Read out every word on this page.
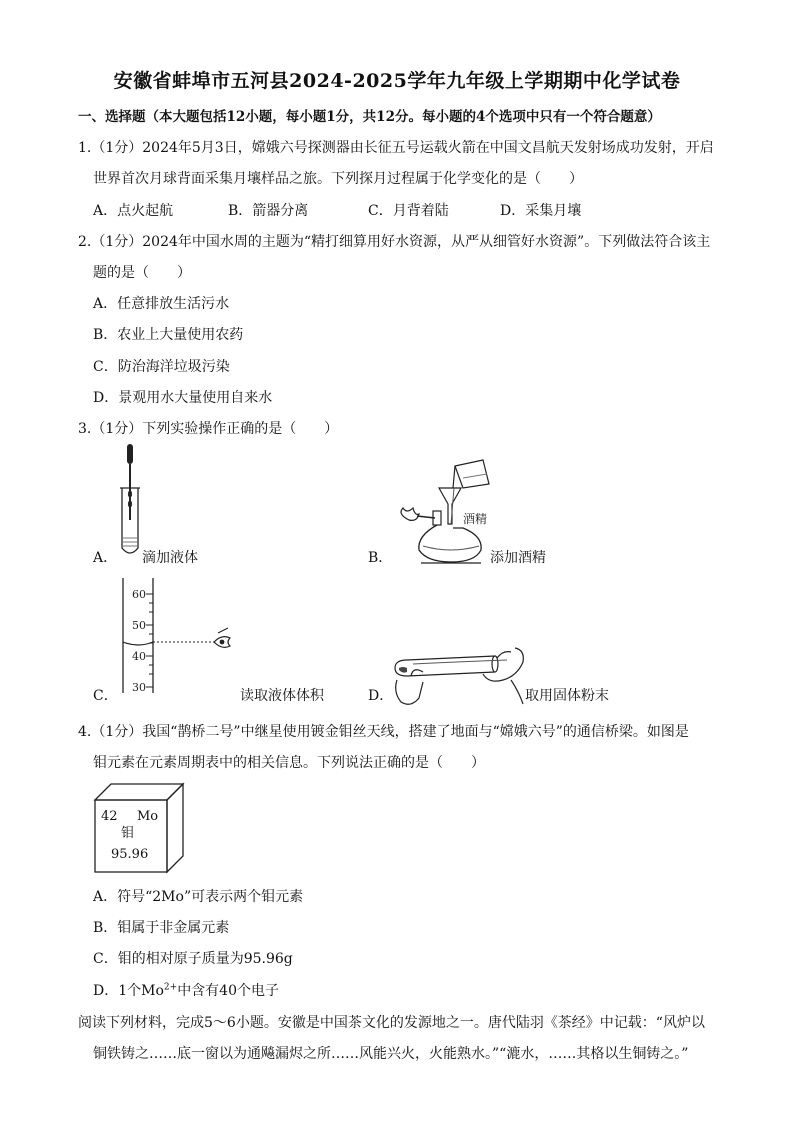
安徽省蚌埠市五河县2024-2025学年九年级上学期期中化学试卷
一、选择题（本大题包括12小题，每小题1分，共12分。每小题的4个选项中只有一个符合题意）
1.（1分）2024年5月3日，嫦娥六号探测器由长征五号运载火箭在中国文昌航天发射场成功发射，开启
世界首次月球背面采集月壤样品之旅。下列探月过程属于化学变化的是（　　）
A．点火起航	B．箭器分离	C．月背着陆	D．采集月壤
2.（1分）2024年中国水周的主题为“精打细算用好水资源，从严从细管好水资源”。下列做法符合该主
题的是（　　）
A．任意排放生活污水
B．农业上大量使用农药
C．防治海洋垃圾污染
D．景观用水大量使用自来水
3.（1分）下列实验操作正确的是（　　）
A． 滴加液体
酒精
B．	添加酒精
60
50
40
30
C．	读取液体体积	D．	取用固体粉末
4.（1分）我国“鹊桥二号”中继星使用镀金钼丝天线，搭建了地面与“嫦娥六号”的通信桥梁。如图是
钼元素在元素周期表中的相关信息。下列说法正确的是（　　）
42 Mo
钼
95.96
A．符号“2Mo”可表示两个钼元素
B．钼属于非金属元素
C．钼的相对原子质量为95.96g
D．1个$Mo^{2+}$中含有40个电子
阅读下列材料，完成5～6小题。安徽是中国茶文化的发源地之一。唐代陆羽《茶经》中记载：“风炉以
铜铁铸之……底一窗以为通飚漏烬之所……风能兴火，火能熟水。”“漉水，……其格以生铜铸之。”
